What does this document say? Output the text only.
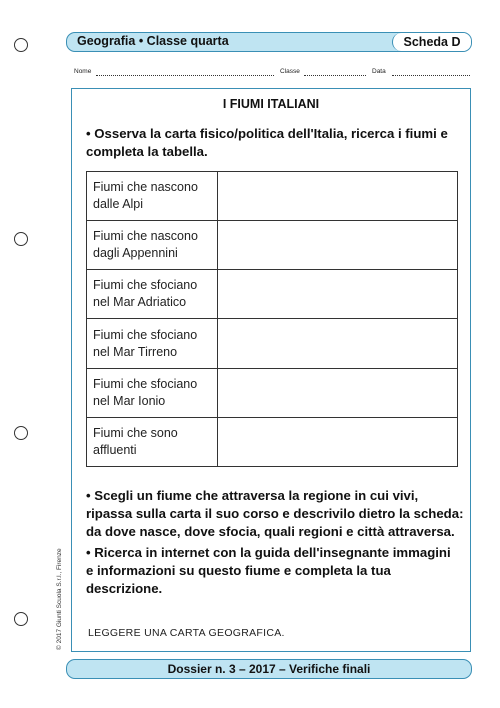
Geografia • Classe quarta	Scheda D
Nome	Classe	Data
I FIUMI ITALIANI
• Osserva la carta fisico/politica dell'Italia, ricerca i fiumi e
completa la tabella.
Fiumi che nascono
dalle Alpi	

Fiumi che nascono
dagli Appennini	

Fiumi che sfociano
nel Mar Adriatico	

Fiumi che sfociano
nel Mar Tirreno	

Fiumi che sfociano
nel Mar Ionio	

Fiumi che sono
affluenti	

• Scegli un fiume che attraversa la regione in cui vivi,
ripassa sulla carta il suo corso e descrivilo dietro la scheda:
da dove nasce, dove sfocia, quali regioni e città attraversa.
• Ricerca in internet con la guida dell'insegnante immagini
e informazioni su questo fiume e completa la tua
descrizione.
LEGGERE UNA CARTA GEOGRAFICA.
© 2017 Giunti Scuola S.r.l., Firenze
Dossier n. 3 – 2017 – Verifiche finali
